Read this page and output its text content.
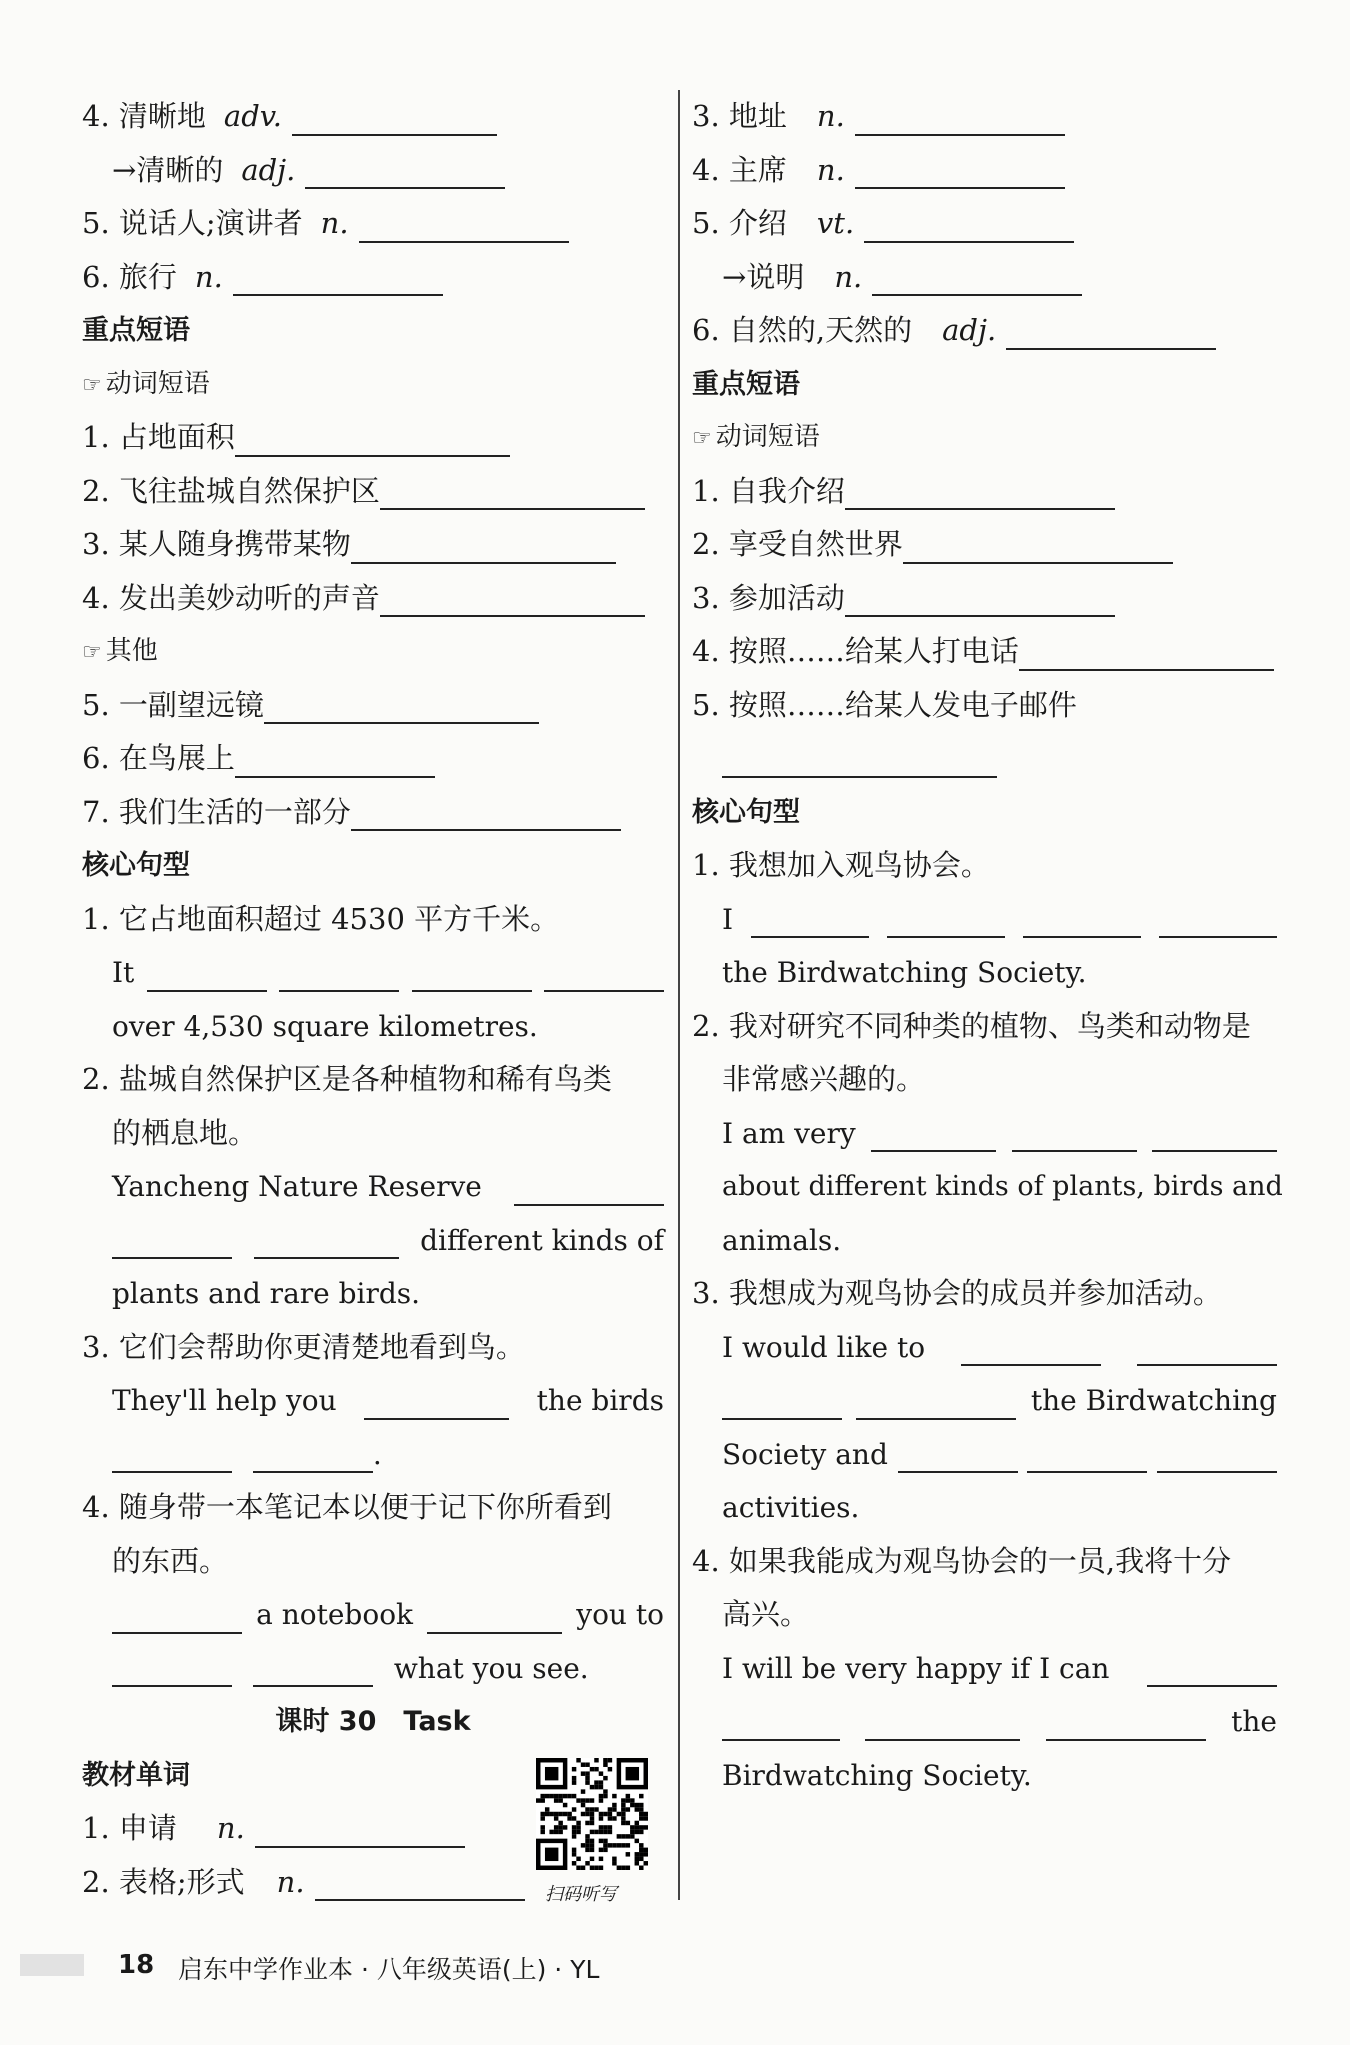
4. 清晰地 adv.
→清晰的 adj.
5. 说话人;演讲者 n.
6. 旅行 n.
重点短语
☞ 动词短语
1. 占地面积
2. 飞往盐城自然保护区
3. 某人随身携带某物
4. 发出美妙动听的声音
☞ 其他
5. 一副望远镜
6. 在鸟展上
7. 我们生活的一部分
核心句型
1. 它占地面积超过 4530 平方千米。
It
over 4,530 square kilometres.
2. 盐城自然保护区是各种植物和稀有鸟类
的栖息地。
Yancheng Nature Reserve
different kinds of
plants and rare birds.
3. 它们会帮助你更清楚地看到鸟。
They'll help you	the birds
.
4. 随身带一本笔记本以便于记下你所看到
的东西。
a notebook	you to
what you see.
课时 30　Task
教材单词
1. 申请 n.
2. 表格;形式 n.	扫码听写
3. 地址 n.
4. 主席 n.
5. 介绍 vt.
→说明 n.
6. 自然的,天然的 adj.
重点短语
☞ 动词短语
1. 自我介绍
2. 享受自然世界
3. 参加活动
4. 按照……给某人打电话
5. 按照……给某人发电子邮件
核心句型
1. 我想加入观鸟协会。
I
the Birdwatching Society.
2. 我对研究不同种类的植物、鸟类和动物是
非常感兴趣的。
I am very
about different kinds of plants, birds and
animals.
3. 我想成为观鸟协会的成员并参加活动。
I would like to
the Birdwatching
Society and
activities.
4. 如果我能成为观鸟协会的一员,我将十分
高兴。
I will be very happy if I can
the
Birdwatching Society.
18 启东中学作业本 · 八年级英语(上) · YL
